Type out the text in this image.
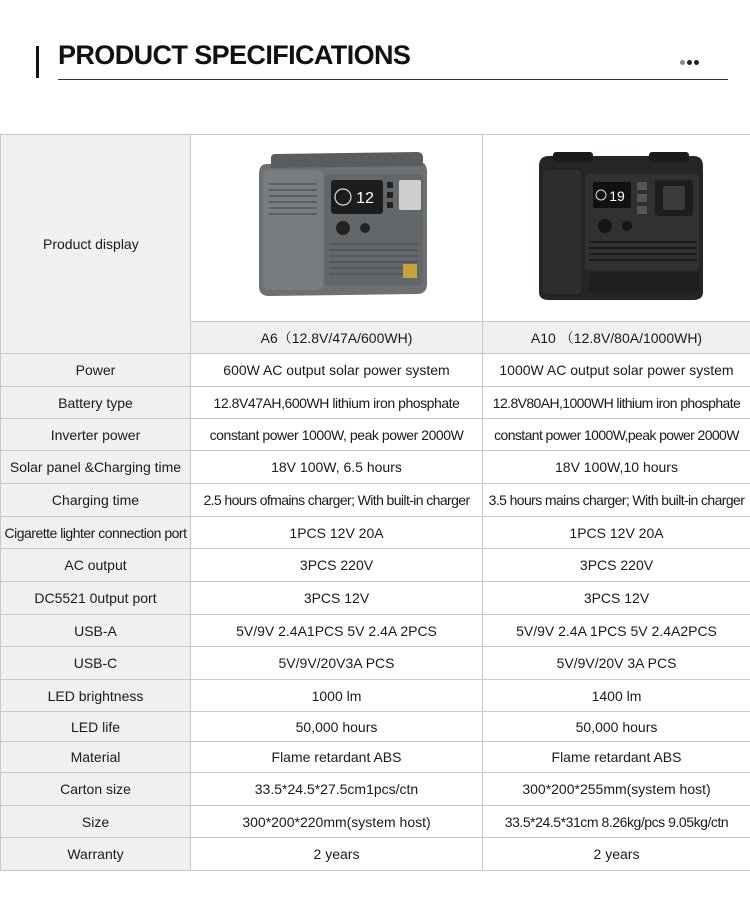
PRODUCT SPECIFICATIONS
Product display	12	19

	A6（12.8V/47A/600WH)	A10 （12.8V/80A/1000WH)
Power	600W AC output solar power system	1000W AC output solar power system
Battery type	12.8V47AH,600WH lithium iron phosphate	12.8V80AH,1000WH lithium iron phosphate
Inverter power	constant power 1000W, peak power 2000W	constant power 1000W,peak power 2000W
Solar panel &Charging time	18V 100W, 6.5 hours	18V 100W,10 hours
Charging time	2.5 hours ofmains charger; With built-in charger	3.5 hours mains charger; With built-in charger
Cigarette lighter connection port	1PCS 12V 20A	1PCS 12V 20A
AC output	3PCS 220V	3PCS 220V
DC5521 0utput port	3PCS 12V	3PCS 12V
USB-A	5V/9V 2.4A1PCS 5V 2.4A 2PCS	5V/9V 2.4A 1PCS 5V 2.4A2PCS
USB-C	5V/9V/20V3A PCS	5V/9V/20V 3A PCS
LED brightness	1000 lm	1400 lm
LED life	50,000 hours	50,000 hours
Material	Flame retardant ABS	Flame retardant ABS
Carton size	33.5*24.5*27.5cm1pcs/ctn	300*200*255mm(system host)
Size	300*200*220mm(system host)	33.5*24.5*31cm 8.26kg/pcs 9.05kg/ctn
Warranty	2 years	2 years
